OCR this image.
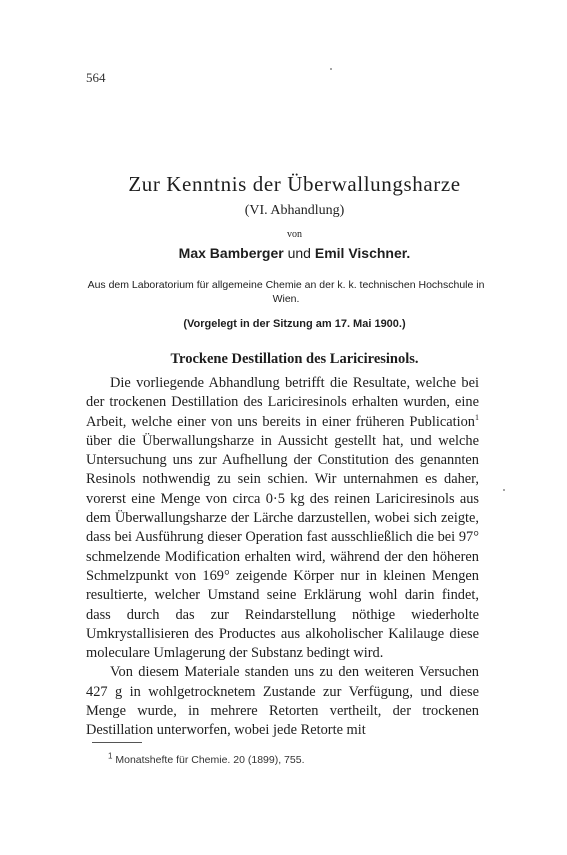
564
Zur Kenntnis der Überwallungsharze
(VI. Abhandlung)
von
Max Bamberger und Emil Vischner.
Aus dem Laboratorium für allgemeine Chemie an der k. k. technischen Hochschule in Wien.
(Vorgelegt in der Sitzung am 17. Mai 1900.)
Trockene Destillation des Lariciresinols.

Die vorliegende Abhandlung betrifft die Resultate, welche bei der trockenen Destillation des Lariciresinols erhalten wurden, eine Arbeit, welche einer von uns bereits in einer früheren Publication$^1$ über die Überwallungsharze in Aussicht gestellt hat, und welche Untersuchung uns zur Aufhellung der Constitution des genannten Resinols nothwendig zu sein schien. Wir unternahmen es daher, vorerst eine Menge von circa 0·5 kg des reinen Lariciresinols aus dem Überwallungsharze der Lärche darzustellen, wobei sich zeigte, dass bei Ausführung dieser Operation fast ausschließlich die bei 97° schmelzende Modification erhalten wird, während der den höheren Schmelzpunkt von 169° zeigende Körper nur in kleinen Mengen resultierte, welcher Umstand seine Erklärung wohl darin findet, dass durch das zur Reindarstellung nöthige wiederholte Umkrystallisieren des Productes aus alkoholischer Kalilauge diese moleculare Umlagerung der Substanz bedingt wird.

Von diesem Materiale standen uns zu den weiteren Versuchen 427 g in wohlgetrocknetem Zustande zur Verfügung, und diese Menge wurde, in mehrere Retorten vertheilt, der trockenen Destillation unterworfen, wobei jede Retorte mit

$^1$ Monatshefte für Chemie. 20 (1899), 755.
